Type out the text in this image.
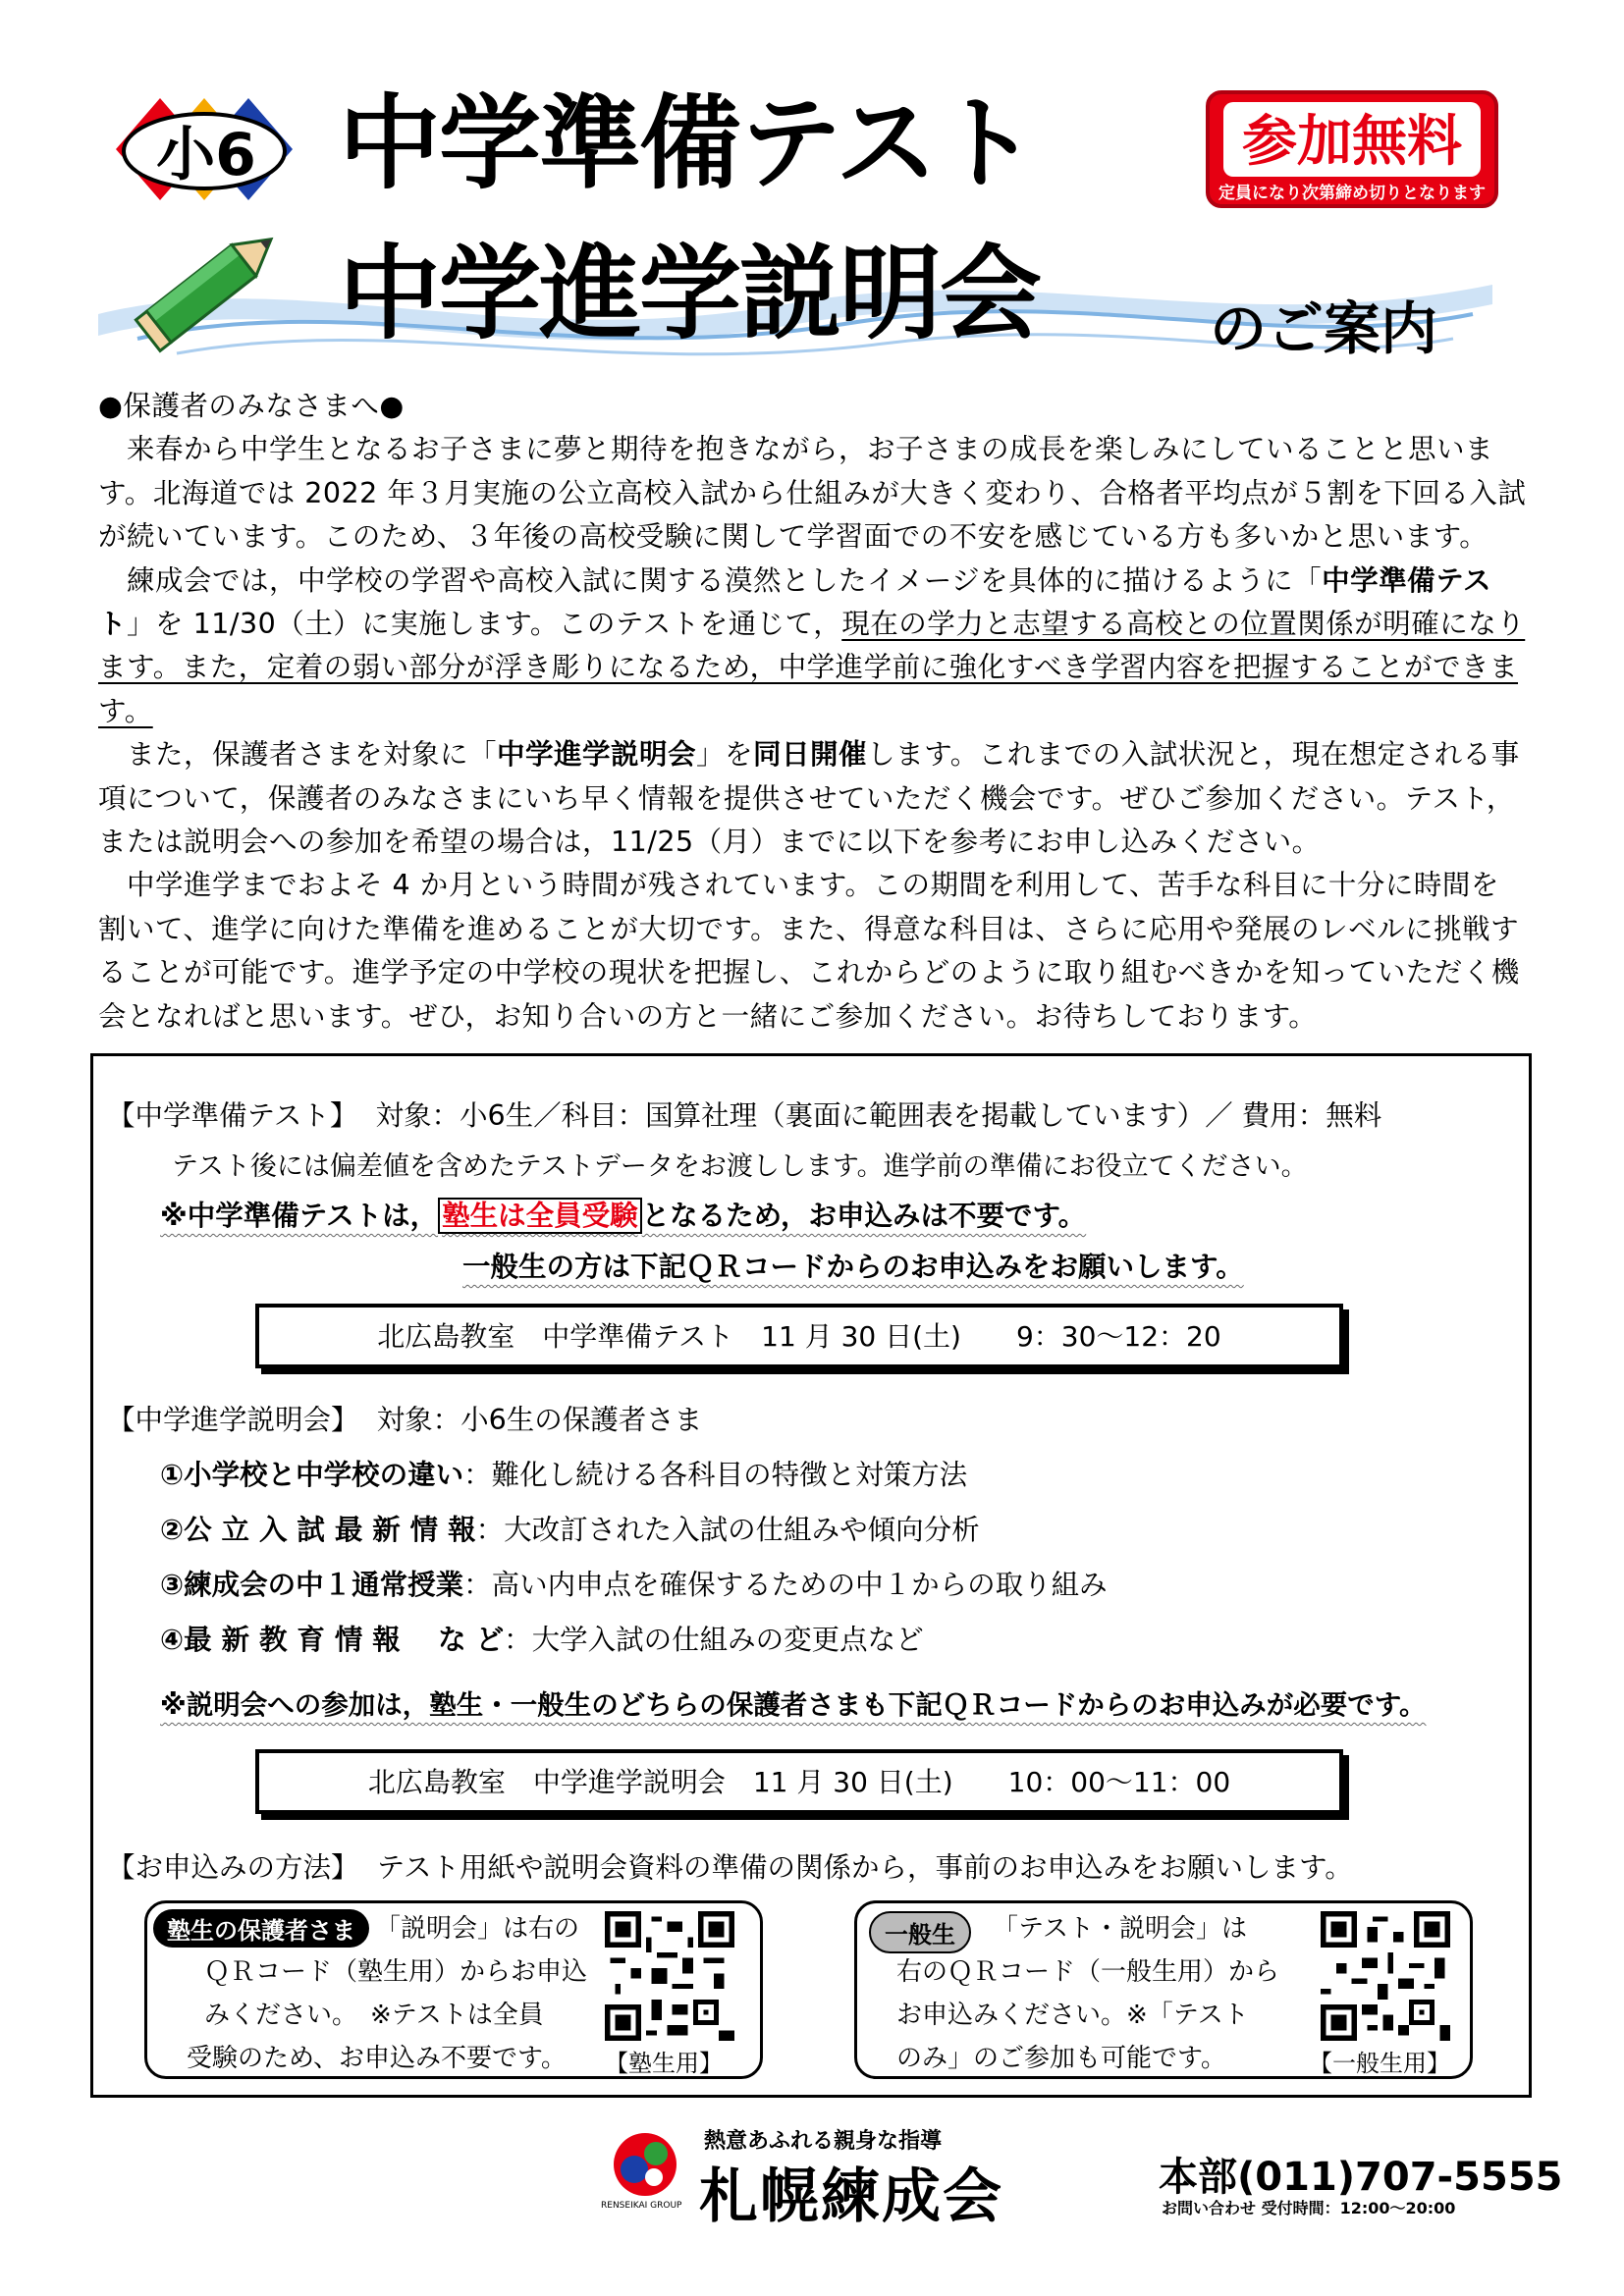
小6 中学準備テスト
中学進学説明会	のご案内
参加無料
定員になり次第締め切りとなります

●保護者のみなさまへ●

　来春から中学生となるお子さまに夢と期待を抱きながら，お子さまの成長を楽しみにしていることと思います。北海道では 2022 年３月実施の公立高校入試から仕組みが大きく変わり、合格者平均点が５割を下回る入試が続いています。このため、３年後の高校受験に関して学習面での不安を感じている方も多いかと思います。

　練成会では，中学校の学習や高校入試に関する漠然としたイメージを具体的に描けるように「中学準備テスト」を 11/30（土）に実施します。このテストを通じて，現在の学力と志望する高校との位置関係が明確になります。また，定着の弱い部分が浮き彫りになるため，中学進学前に強化すべき学習内容を把握することができます。

　また，保護者さまを対象に「中学進学説明会」を同日開催します。これまでの入試状況と，現在想定される事項について，保護者のみなさまにいち早く情報を提供させていただく機会です。ぜひご参加ください。テスト，または説明会への参加を希望の場合は，11/25（月）までに以下を参考にお申し込みください。

　中学進学までおよそ 4 か月という時間が残されています。この期間を利用して、苦手な科目に十分に時間を割いて、進学に向けた準備を進めることが大切です。また、得意な科目は、さらに応用や発展のレベルに挑戦することが可能です。進学予定の中学校の現状を把握し、これからどのように取り組むべきかを知っていただく機会となればと思います。ぜひ，お知り合いの方と一緒にご参加ください。お待ちしております。

【中学準備テスト】 対象：小6生／科目：国算社理（裏面に範囲表を掲載しています）／ 費用：無料
テスト後には偏差値を含めたテストデータをお渡しします。進学前の準備にお役立てください。
※中学準備テストは， 塾生は全員受験 となるため，お申込みは不要です。
一般生の方は下記ＱＲコードからのお申込みをお願いします。
北広島教室　中学準備テスト　11 月 30 日(土)　　9：30～12：20
【中学進学説明会】 対象：小6生の保護者さま
①小学校と中学校の違い：難化し続ける各科目の特徴と対策方法
②公 立 入 試 最 新 情 報：大改訂された入試の仕組みや傾向分析
③練成会の中１通常授業：高い内申点を確保するための中１からの取り組み
④最 新 教 育 情 報　 な ど：大学入試の仕組みの変更点など
※説明会への参加は，塾生・一般生のどちらの保護者さまも下記ＱＲコードからのお申込みが必要です。
北広島教室　中学進学説明会　11 月 30 日(土)　　10：00～11：00
【お申込みの方法】 テスト用紙や説明会資料の準備の関係から，事前のお申込みをお願いします。
塾生の保護者さま 「説明会」は右の
ＱＲコード（塾生用）からお申込
みください。　※テストは全員
受験のため、お申込み不要です。 【塾生用】
一般生	「テスト・説明会」は
右のＱＲコード（一般生用）から
お申込みください。※「テスト
のみ」のご参加も可能です。	【一般生用】
RENSEIKAI GROUP
熱意あふれる親身な指導
札幌練成会	本部(011)707-5555
お問い合わせ 受付時間：12:00～20:00
